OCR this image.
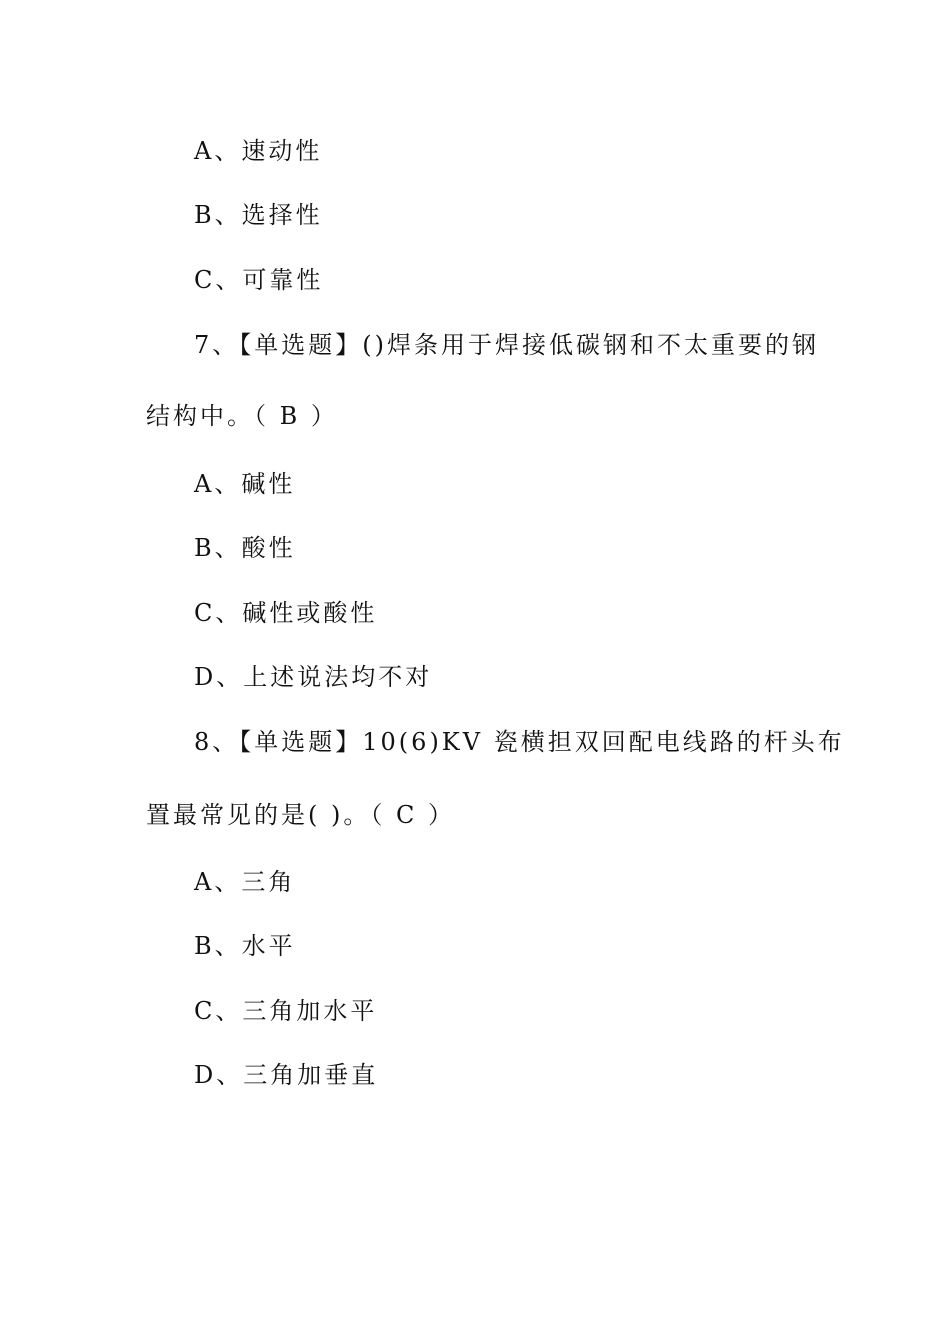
A、速动性
B、选择性
C、可靠性
7、【单选题】()焊条用于焊接低碳钢和不太重要的钢
结构中。（ B ）
A、碱性
B、酸性
C、碱性或酸性
D、上述说法均不对
8、【单选题】10(6)KV 瓷横担双回配电线路的杆头布
置最常见的是( )。（ C ）
A、三角
B、水平
C、三角加水平
D、三角加垂直
